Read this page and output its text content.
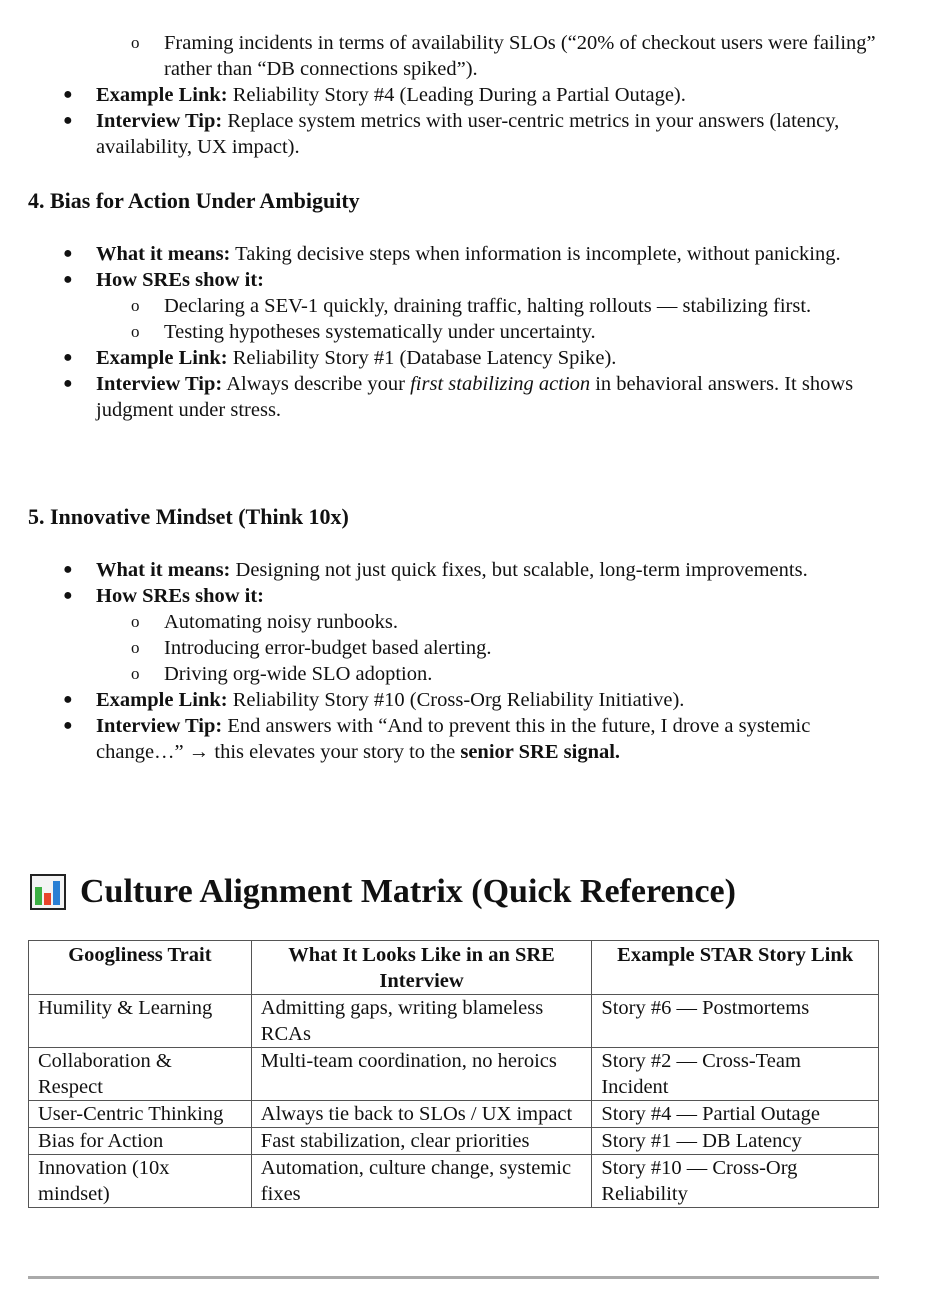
o Framing incidents in terms of availability SLOs (“20% of checkout users were failing” rather than “DB connections spiked”).
● Example Link: Reliability Story #4 (Leading During a Partial Outage).
● Interview Tip: Replace system metrics with user-centric metrics in your answers (latency, availability, UX impact).
4. Bias for Action Under Ambiguity
● What it means: Taking decisive steps when information is incomplete, without panicking.
● How SREs show it:
o Declaring a SEV-1 quickly, draining traffic, halting rollouts — stabilizing first.
o Testing hypotheses systematically under uncertainty.
● Example Link: Reliability Story #1 (Database Latency Spike).
● Interview Tip: Always describe your first stabilizing action in behavioral answers. It shows judgment under stress.
5. Innovative Mindset (Think 10x)
● What it means: Designing not just quick fixes, but scalable, long-term improvements.
● How SREs show it:
o Automating noisy runbooks.
o Introducing error-budget based alerting.
o Driving org-wide SLO adoption.
● Example Link: Reliability Story #10 (Cross-Org Reliability Initiative).
● Interview Tip: End answers with “And to prevent this in the future, I drove a systemic change…” → this elevates your story to the senior SRE signal.
Culture Alignment Matrix (Quick Reference)
Googliness Trait	What It Looks Like in an SRE Interview	Example STAR Story Link
Humility & Learning	Admitting gaps, writing blameless RCAs	Story #6 — Postmortems
Collaboration & Respect	Multi-team coordination, no heroics	Story #2 — Cross-Team Incident
User-Centric Thinking	Always tie back to SLOs / UX impact	Story #4 — Partial Outage
Bias for Action	Fast stabilization, clear priorities	Story #1 — DB Latency
Innovation (10x mindset)	Automation, culture change, systemic fixes	Story #10 — Cross-Org Reliability
